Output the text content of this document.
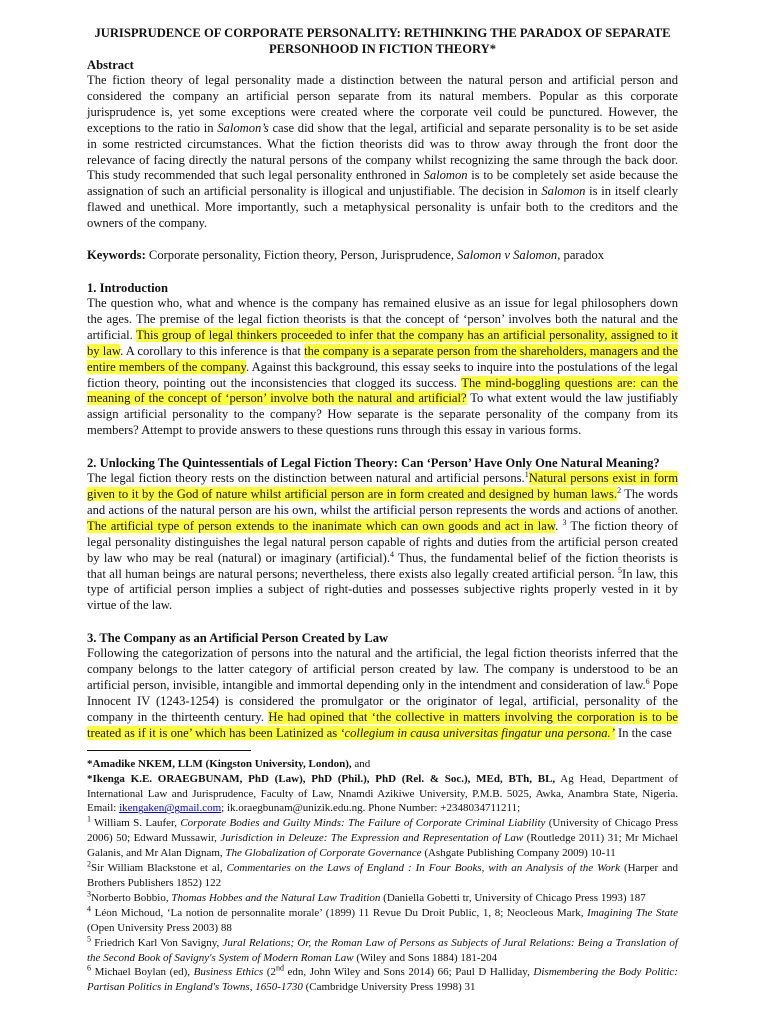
JURISPRUDENCE OF CORPORATE PERSONALITY: RETHINKING THE PARADOX OF SEPARATE PERSONHOOD IN FICTION THEORY*

Abstract

The fiction theory of legal personality made a distinction between the natural person and artificial person and considered the company an artificial person separate from its natural members. Popular as this corporate jurisprudence is, yet some exceptions were created where the corporate veil could be punctured. However, the exceptions to the ratio in Salomon’s case did show that the legal, artificial and separate personality is to be set aside in some restricted circumstances. What the fiction theorists did was to throw away through the front door the relevance of facing directly the natural persons of the company whilst recognizing the same through the back door. This study recommended that such legal personality enthroned in Salomon is to be completely set aside because the assignation of such an artificial personality is illogical and unjustifiable. The decision in Salomon is in itself clearly flawed and unethical. More importantly, such a metaphysical personality is unfair both to the creditors and the owners of the company.

Keywords: Corporate personality, Fiction theory, Person, Jurisprudence, Salomon v Salomon, paradox

1. Introduction

The question who, what and whence is the company has remained elusive as an issue for legal philosophers down the ages. The premise of the legal fiction theorists is that the concept of ‘person’ involves both the natural and the artificial. This group of legal thinkers proceeded to infer that the company has an artificial personality, assigned to it by law. A corollary to this inference is that the company is a separate person from the shareholders, managers and the entire members of the company. Against this background, this essay seeks to inquire into the postulations of the legal fiction theory, pointing out the inconsistencies that clogged its success. The mind-boggling questions are: can the meaning of the concept of ‘person’ involve both the natural and artificial? To what extent would the law justifiably assign artificial personality to the company? How separate is the separate personality of the company from its members? Attempt to provide answers to these questions runs through this essay in various forms.

2. Unlocking The Quintessentials of Legal Fiction Theory: Can ‘Person’ Have Only One Natural Meaning?

The legal fiction theory rests on the distinction between natural and artificial persons.$^1$Natural persons exist in form given to it by the God of nature whilst artificial person are in form created and designed by human laws.$^2$ The words and actions of the natural person are his own, whilst the artificial person represents the words and actions of another. The artificial type of person extends to the inanimate which can own goods and act in law. $^3$ The fiction theory of legal personality distinguishes the legal natural person capable of rights and duties from the artificial person created by law who may be real (natural) or imaginary (artificial).$^4$ Thus, the fundamental belief of the fiction theorists is that all human beings are natural persons; nevertheless, there exists also legally created artificial person. $^5$In law, this type of artificial person implies a subject of right-duties and possesses subjective rights properly vested in it by virtue of the law.

3. The Company as an Artificial Person Created by Law

Following the categorization of persons into the natural and the artificial, the legal fiction theorists inferred that the company belongs to the latter category of artificial person created by law. The company is understood to be an artificial person, invisible, intangible and immortal depending only in the intendment and consideration of law.$^6$ Pope Innocent IV (1243-1254) is considered the promulgator or the originator of legal, artificial, personality of the company in the thirteenth century. He had opined that ‘the collective in matters involving the corporation is to be treated as if it is one’ which has been Latinized as ‘collegium in causa universitas fingatur una persona.’ In the case

*Amadike NKEM, LLM (Kingston University, London), and

*Ikenga K.E. ORAEGBUNAM, PhD (Law), PhD (Phil.), PhD (Rel. & Soc.), MEd, BTh, BL, Ag Head, Department of International Law and Jurisprudence, Faculty of Law, Nnamdi Azikiwe University, P.M.B. 5025, Awka, Anambra State, Nigeria. Email: ikengaken@gmail.com; ik.oraegbunam@unizik.edu.ng. Phone Number: +2348034711211;

$^1$ William S. Laufer, Corporate Bodies and Guilty Minds: The Failure of Corporate Criminal Liability (University of Chicago Press 2006) 50; Edward Mussawir, Jurisdiction in Deleuze: The Expression and Representation of Law (Routledge 2011) 31; Mr Michael Galanis, and Mr Alan Dignam, The Globalization of Corporate Governance (Ashgate Publishing Company 2009) 10-11

$^2$Sir William Blackstone et al, Commentaries on the Laws of England : In Four Books, with an Analysis of the Work (Harper and Brothers Publishers 1852) 122

$^3$Norberto Bobbio, Thomas Hobbes and the Natural Law Tradition (Daniella Gobetti tr, University of Chicago Press 1993) 187

$^4$ Léon Michoud, ‘La notion de personnalite morale’ (1899) 11 Revue Du Droit Public, 1, 8; Neocleous Mark, Imagining The State (Open University Press 2003) 88

$^5$ Friedrich Karl Von Savigny, Jural Relations; Or, the Roman Law of Persons as Subjects of Jural Relations: Being a Translation of the Second Book of Savigny's System of Modern Roman Law (Wiley and Sons 1884) 181-204

$^6$ Michael Boylan (ed), Business Ethics (2nd edn, John Wiley and Sons 2014) 66; Paul D Halliday, Dismembering the Body Politic: Partisan Politics in England's Towns, 1650-1730 (Cambridge University Press 1998) 31
